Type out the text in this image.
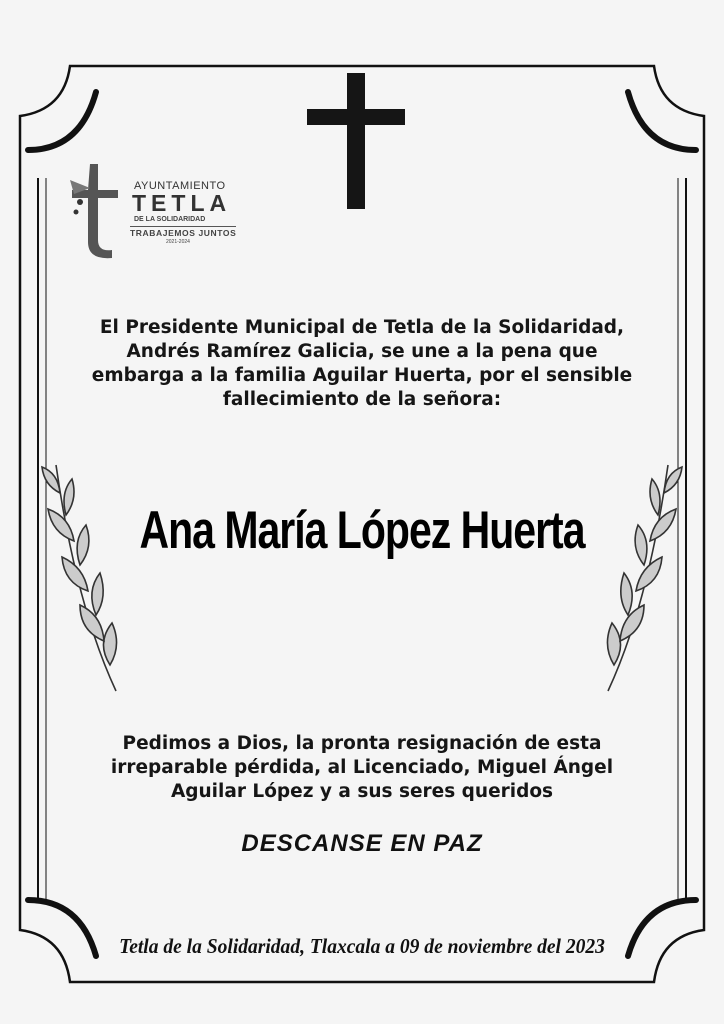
AYUNTAMIENTO
TETLA
DE LA SOLIDARIDAD
TRABAJEMOS JUNTOS
2021-2024
El Presidente Municipal de Tetla de la Solidaridad,
Andrés Ramírez Galicia, se une a la pena que
embarga a la familia Aguilar Huerta, por el sensible
fallecimiento de la señora:
Ana María López Huerta
Pedimos a Dios, la pronta resignación de esta
irreparable pérdida, al Licenciado, Miguel Ángel
Aguilar López y a sus seres queridos
DESCANSE EN PAZ
Tetla de la Solidaridad, Tlaxcala a 09 de noviembre del 2023
